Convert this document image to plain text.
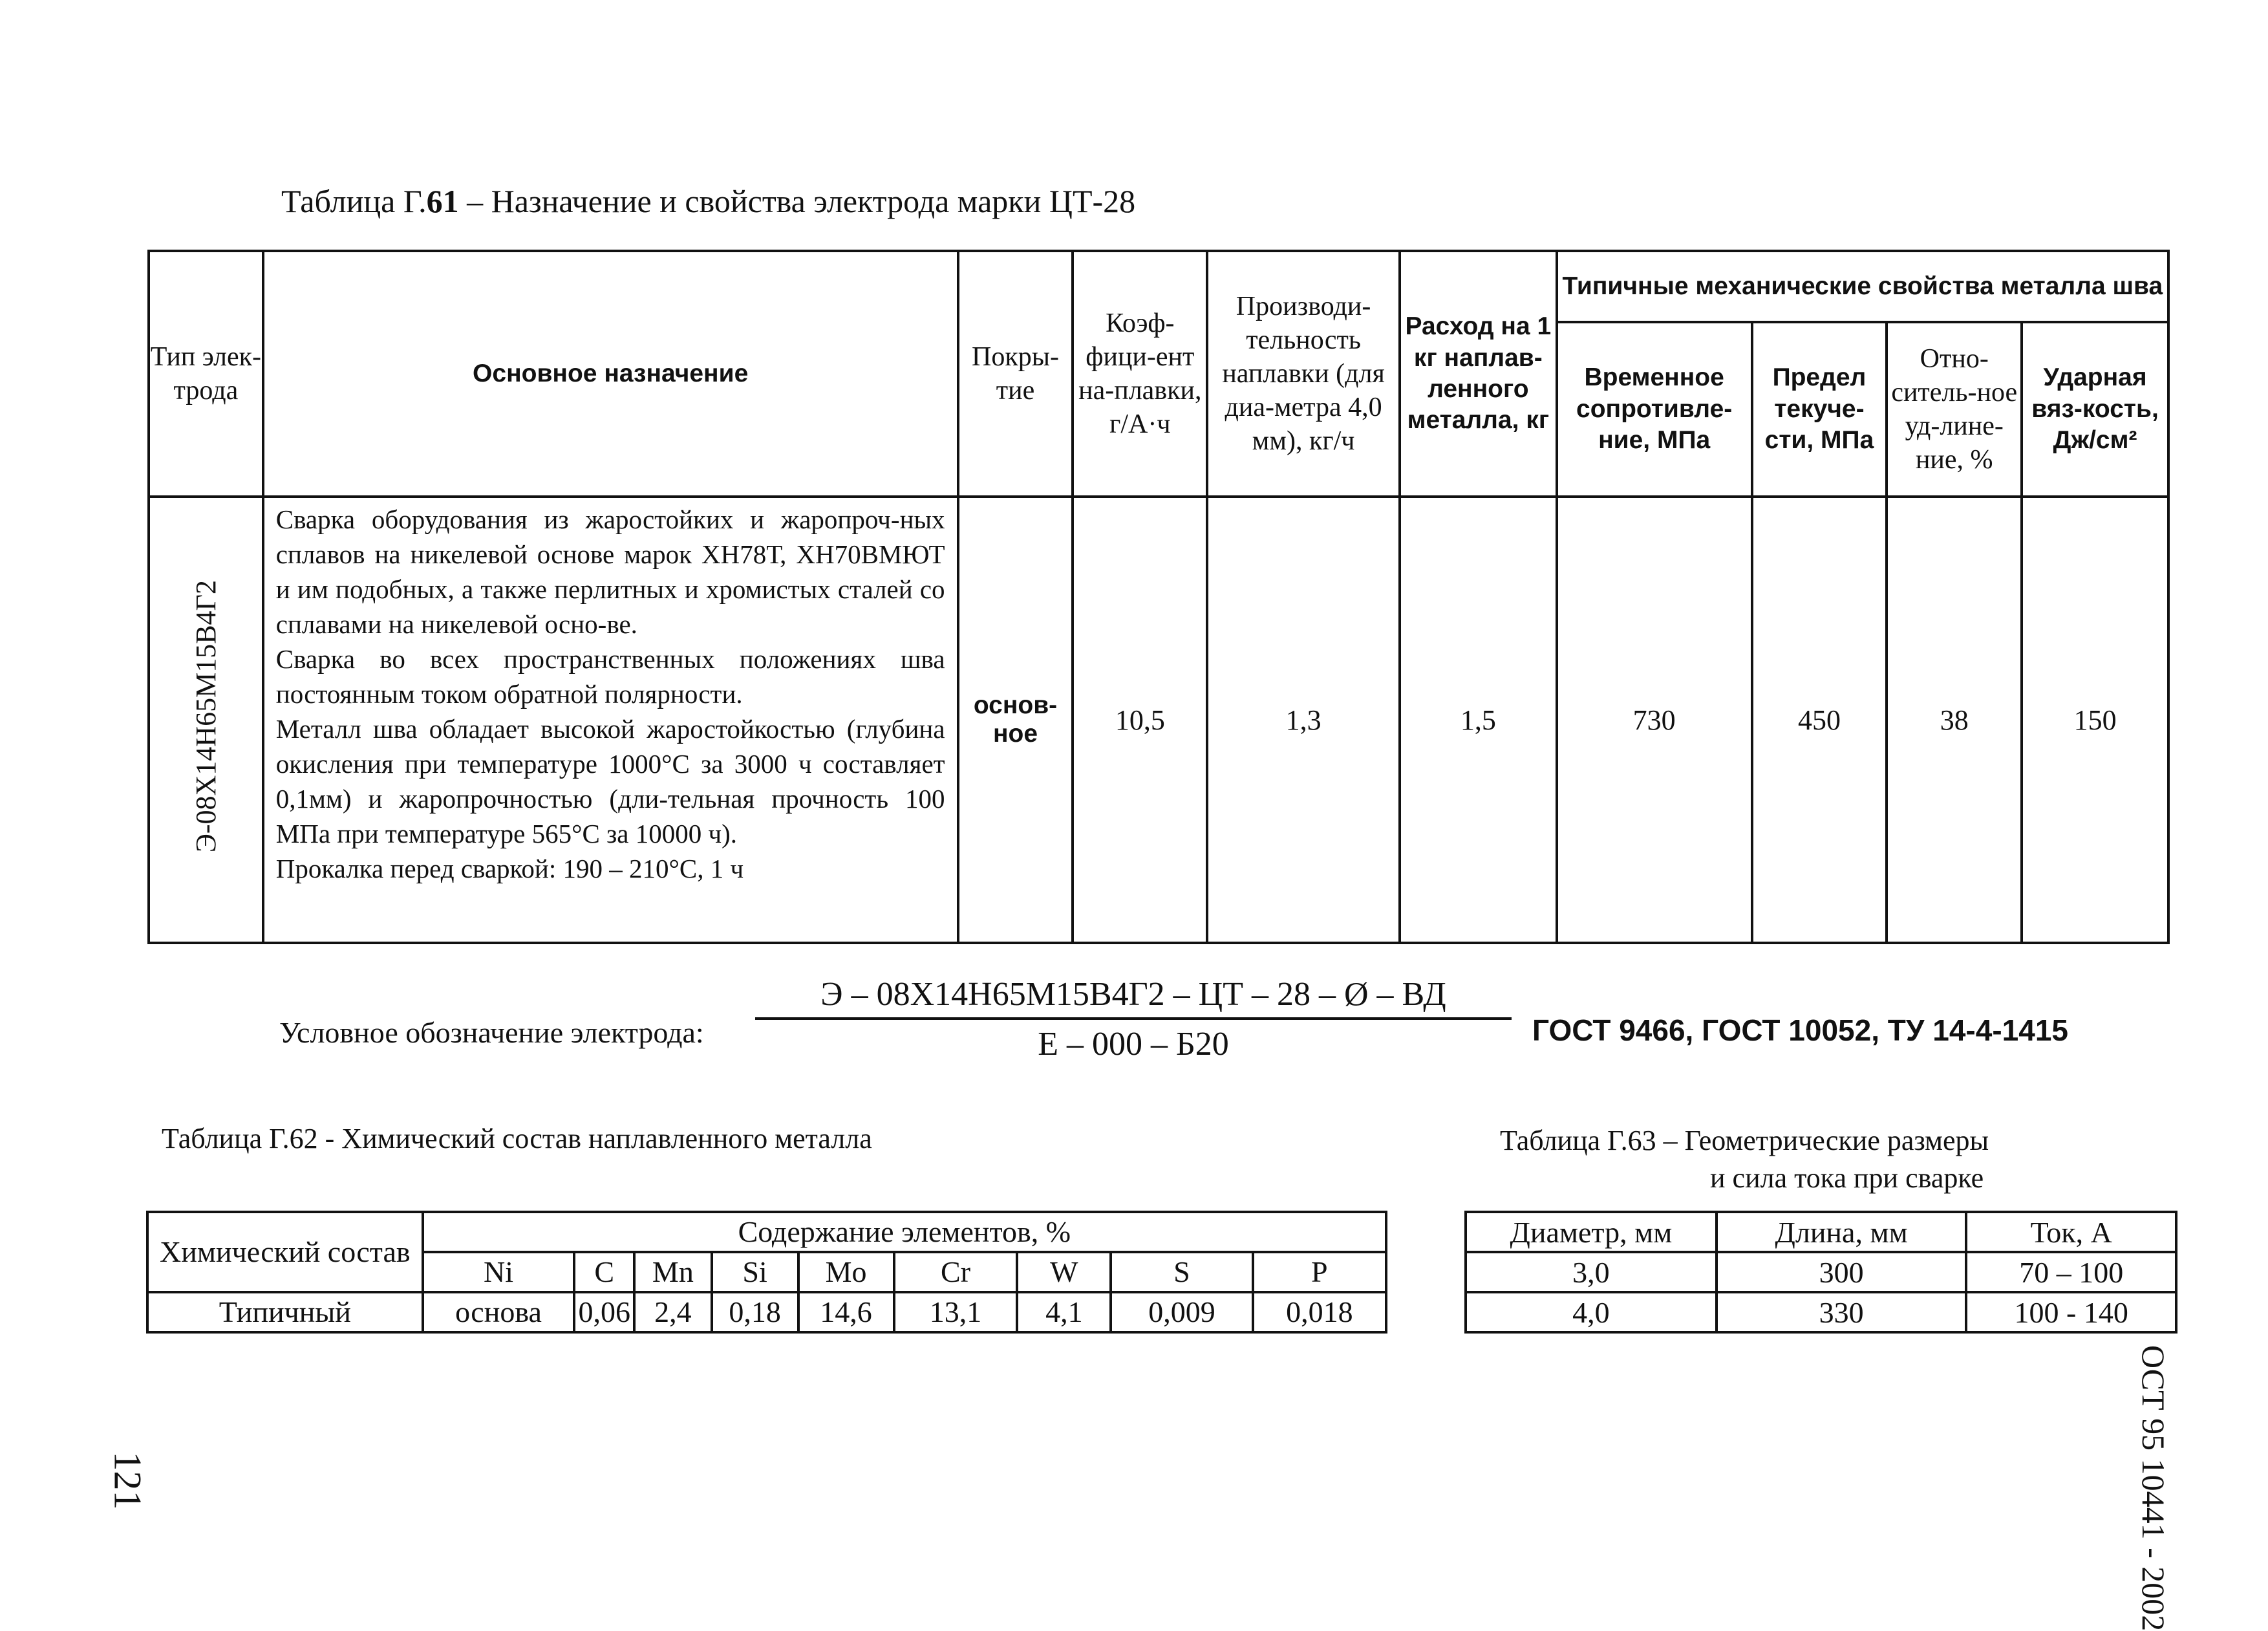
Таблица Г.61 – Назначение и свойства электрода марки ЦТ-28
Тип элек-трода	Основное назначение	Покры-тие	Коэф-фици-ент на-плавки, г/А·ч	Производи-тельность наплавки (для диа-метра 4,0 мм), кг/ч	Расход на 1 кг наплав-ленного металла, кг	Типичные механические свойства металла шва			
						Временное сопротивле-ние, МПа	Предел текуче-сти, МПа	Отно-ситель-ное уд-лине-ние, %	Ударная вяз-кость, Дж/см²
Э-08Х14Н65М15В4Г2	Сварка оборудования из жаростойких и жаропроч-ных сплавов на никелевой основе марок ХН78Т, ХН70ВМЮТ и им подобных, а также перлитных и хромистых сталей со сплавами на никелевой осно-ве.
Сварка во всех пространственных положениях шва постоянным током обратной полярности.
Металл шва обладает высокой жаростойкостью (глубина окисления при температуре 1000°С за 3000 ч составляет 0,1мм) и жаропрочностью (дли-тельная прочность 100 МПа при температуре 565°С за 10000 ч).
Прокалка перед сваркой: 190 – 210°С, 1 ч	основ-ное	10,5	1,3	1,5	730	450	38	150
Условное обозначение электрода:
Э – 08Х14Н65М15В4Г2 – ЦТ – 28 – Ø – ВД
Е – 000 – Б20	ГОСТ 9466, ГОСТ 10052, ТУ 14-4-1415
Таблица Г.62 - Химический состав наплавленного металла	Таблица Г.63 – Геометрические размеры
и сила тока при сварке
Химический состав	Содержание элементов, %								
	Ni	C	Mn	Si	Mo	Cr	W	S	P
Типичный	основа	0,06	2,4	0,18	14,6	13,1	4,1	0,009	0,018
Диаметр, мм	Длина, мм	Ток, А
3,0	300	70 – 100
4,0	330	100 - 140
121	ОСТ 95 10441 - 2002
